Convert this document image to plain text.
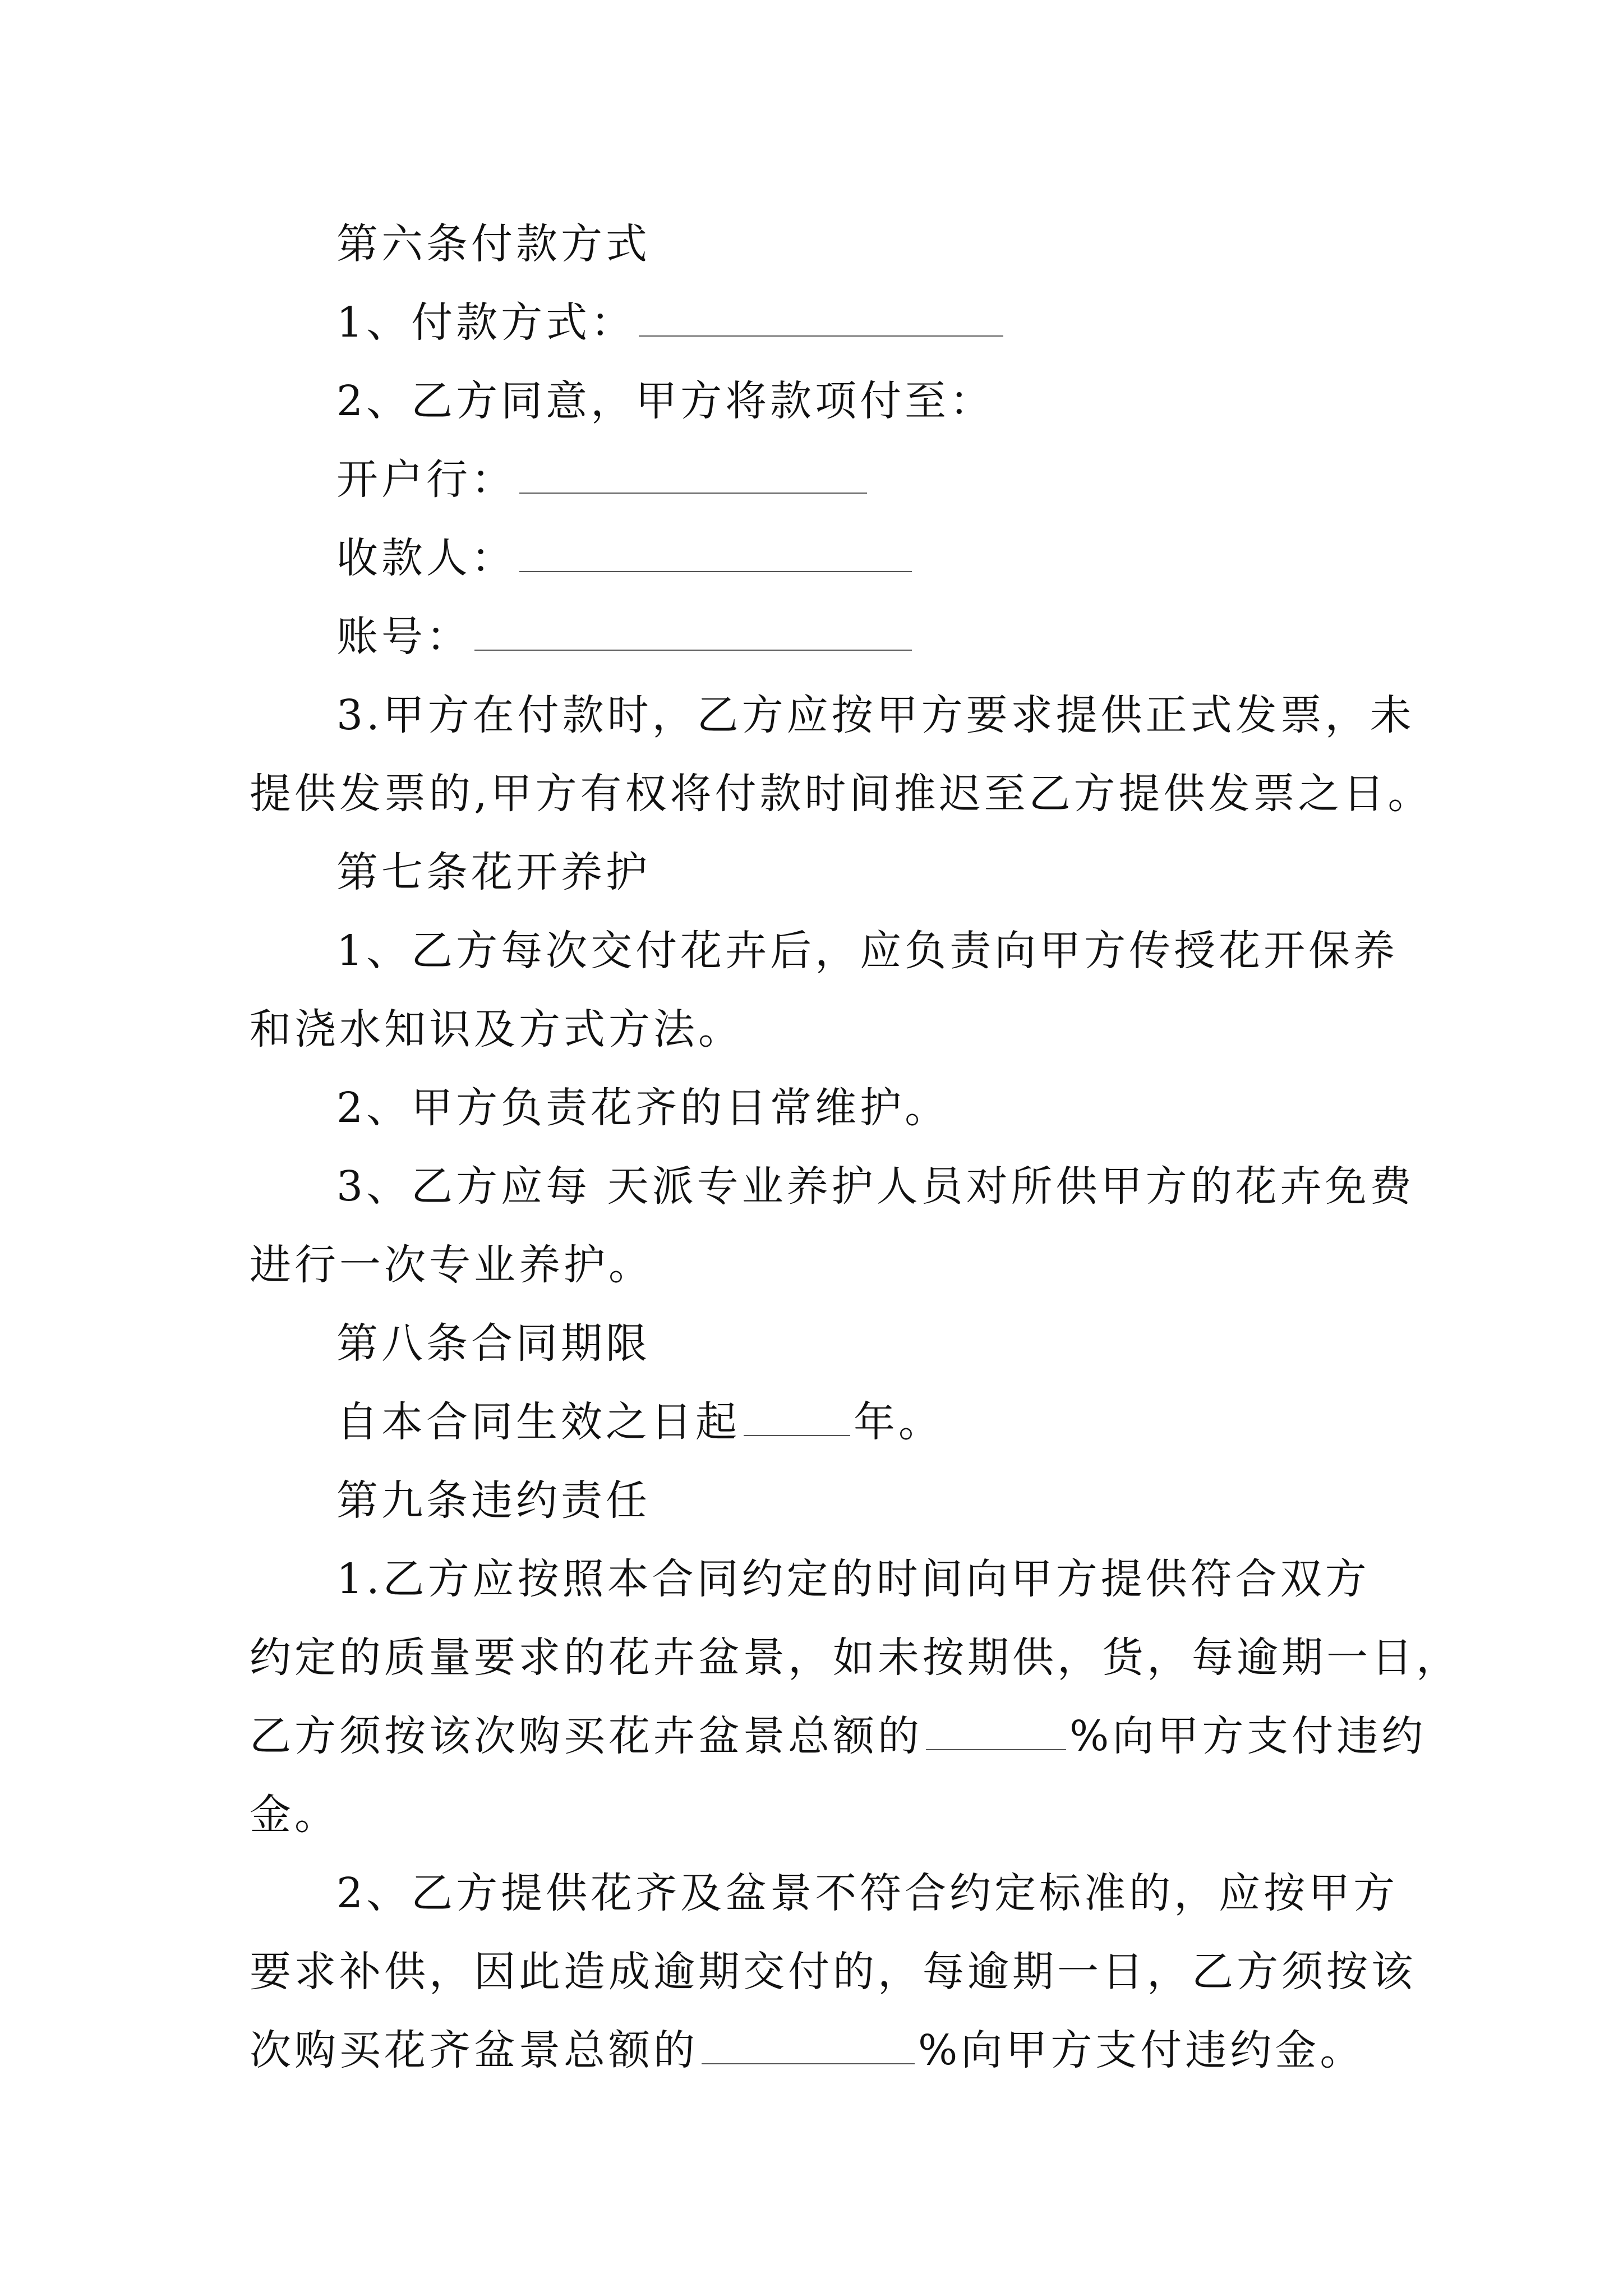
第六条付款方式
1、付款方式：
2、乙方同意，甲方将款项付至：
开户行：
收款人：
账号：
3.甲方在付款时，乙方应按甲方要求提供正式发票，未
提供发票的,甲方有权将付款时间推迟至乙方提供发票之日。
第七条花开养护
1、乙方每次交付花卉后，应负责向甲方传授花开保养
和浇水知识及方式方法。
2、甲方负责花齐的日常维护。
3、乙方应每 天派专业养护人员对所供甲方的花卉免费
进行一次专业养护。
第八条合同期限
自本合同生效之日起	年。
第九条违约责任
1.乙方应按照本合同约定的时间向甲方提供符合双方
约定的质量要求的花卉盆景，如未按期供，货，每逾期一日，
乙方须按该次购买花卉盆景总额的	%向甲方支付违约
金。
2、乙方提供花齐及盆景不符合约定标准的，应按甲方
要求补供，因此造成逾期交付的，每逾期一日，乙方须按该
次购买花齐盆景总额的	%向甲方支付违约金。
